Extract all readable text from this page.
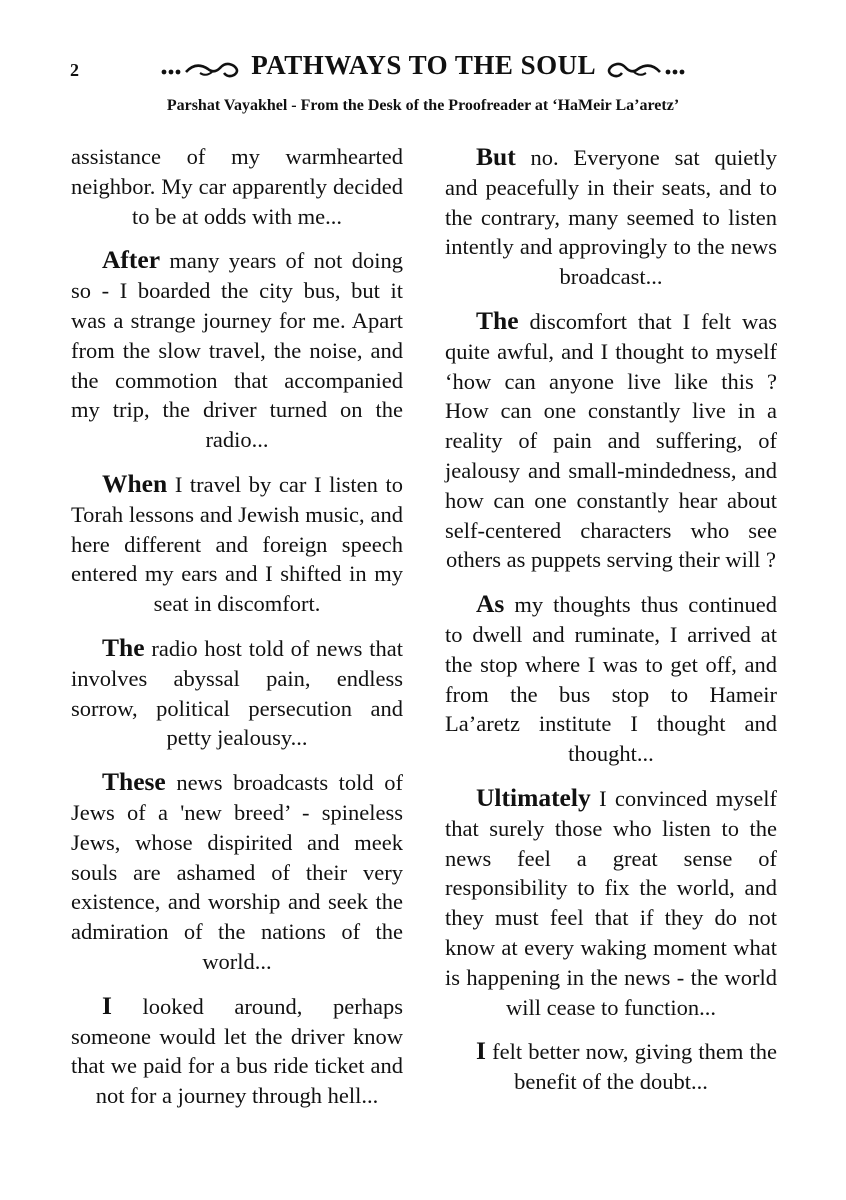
2	PATHWAYS TO THE SOUL
Parshat Vayakhel - From the Desk of the Proofreader at ‘HaMeir La’aretz’

assistance of my warmhearted neighbor. My car apparently decided to be at odds with me...

After many years of not doing so - I boarded the city bus, but it was a strange journey for me. Apart from the slow travel, the noise, and the commotion that accompanied my trip, the driver turned on the radio...

When I travel by car I listen to Torah lessons and Jewish music, and here different and foreign speech entered my ears and I shifted in my seat in discomfort.

The radio host told of news that involves abyssal pain, endless sorrow, political persecution and petty jealousy...

These news broadcasts told of Jews of a 'new breed’ - spineless Jews, whose dispirited and meek souls are ashamed of their very existence, and worship and seek the admiration of the nations of the world...

I looked around, perhaps someone would let the driver know that we paid for a bus ride ticket and not for a journey through hell...

But no. Everyone sat quietly and peacefully in their seats, and to the contrary, many seemed to listen intently and approvingly to the news broadcast...

The discomfort that I felt was quite awful, and I thought to myself ‘how can anyone live like this ? How can one constantly live in a reality of pain and suffering, of jealousy and small-mindedness, and how can one constantly hear about self-centered characters who see others as puppets serving their will ?

As my thoughts thus continued to dwell and ruminate, I arrived at the stop where I was to get off, and from the bus stop to Hameir La’aretz institute I thought and thought...

Ultimately I convinced myself that surely those who listen to the news feel a great sense of responsibility to fix the world, and they must feel that if they do not know at every waking moment what is happening in the news - the world will cease to function...

I felt better now, giving them the benefit of the doubt...
